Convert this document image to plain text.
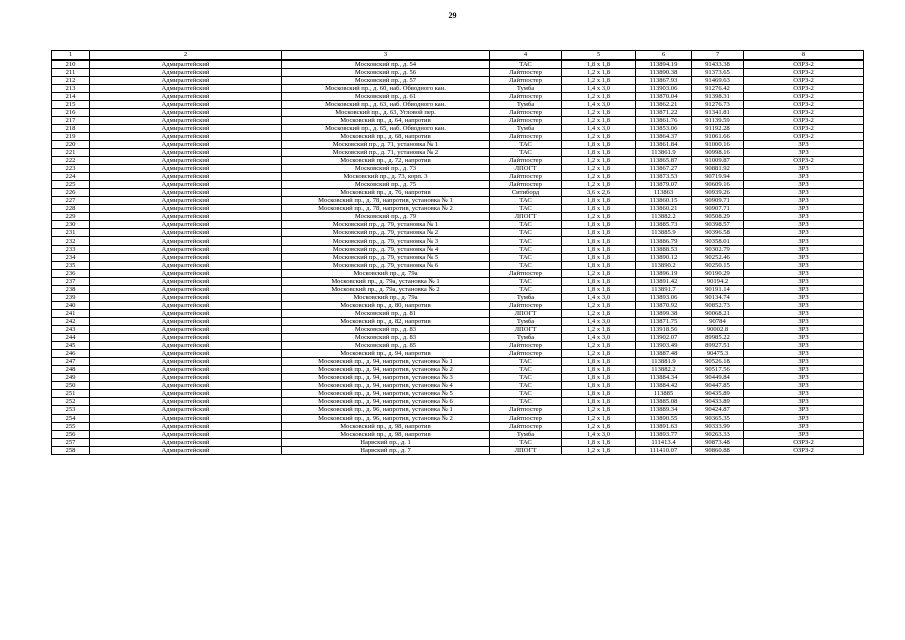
29
1	2	3	4	5	6	7	8
210	Адмиралтейский	Московский пр., д. 54	ТАС	1,8 х 1,8	113894.19	91433.38	ОЗРЗ-2
211	Адмиралтейский	Московский пр., д. 56	Лайтпостер	1,2 х 1,8	113890.38	91373.65	ОЗРЗ-2
212	Адмиралтейский	Московский пр., д. 57	Лайтпостер	1,2 х 1,8	113867.93	91469.63	ОЗРЗ-2
213	Адмиралтейский	Московский пр., д. 60, наб. Обводного кан.	Тумба	1,4 х 3,0	113903.06	91276.42	ОЗРЗ-2
214	Адмиралтейский	Московский пр., д. 61	Лайтпостер	1,2 х 1,8	113870.04	91398.31	ОЗРЗ-2
215	Адмиралтейский	Московский пр., д. 63, наб. Обводного кан.	Тумба	1,4 х 3,0	113862.21	91276.73	ОЗРЗ-2
216	Адмиралтейский	Московский пр., д. 63, Угловой пер.	Лайтпостер	1,2 х 1,8	113871.22	91341.81	ОЗРЗ-2
217	Адмиралтейский	Московский пр., д. 64, напротив	Лайтпостер	1,2 х 1,8	113861.76	91139.59	ОЗРЗ-2
218	Адмиралтейский	Московский пр., д. 65, наб. Обводного кан.	Тумба	1,4 х 3,0	113853.06	91192.28	ОЗРЗ-2
219	Адмиралтейский	Московский пр., д. 68, напротив	Лайтпостер	1,2 х 1,8	113864.37	91061.66	ОЗРЗ-2
220	Адмиралтейский	Московский пр., д. 71, установка № 1	ТАС	1,8 х 1,8	113861.84	91000.16	ЗРЗ
221	Адмиралтейский	Московский пр., д. 71, установка № 2	ТАС	1,8 х 1,8	113861.9	90998.16	ЗРЗ
222	Адмиралтейский	Московский пр., д. 72, напротив	Лайтпостер	1,2 х 1,8	113865.87	91009.87	ОЗРЗ-2
223	Адмиралтейский	Московский пр., д. 73	ЛПОГТ	1,2 х 1,8	113867.27	90881.92	ЗРЗ
224	Адмиралтейский	Московский пр., д. 73, корп. 3	Лайтпостер	1,2 х 1,8	113873.53	90719.94	ЗРЗ
225	Адмиралтейский	Московский пр., д. 75	Лайтпостер	1,2 х 1,8	113879.07	90609.16	ЗРЗ
226	Адмиралтейский	Московский пр., д. 76, напротив	Ситиборд	3,6 х 2,6	113863	90939.26	ЗРЗ
227	Адмиралтейский	Московский пр., д. 78, напротив, установка № 1	ТАС	1,8 х 1,8	113860.15	90909.71	ЗРЗ
228	Адмиралтейский	Московский пр., д. 78, напротив, установка № 2	ТАС	1,8 х 1,8	113860.21	90907.71	ЗРЗ
229	Адмиралтейский	Московский пр., д. 79	ЛПОГТ	1,2 х 1,8	113882.2	90508.29	ЗРЗ
230	Адмиралтейский	Московский пр., д. 79, установка № 1	ТАС	1,8 х 1,8	113885.73	90398.57	ЗРЗ
231	Адмиралтейский	Московский пр., д. 79, установка № 2	ТАС	1,8 х 1,8	113885.9	90396.58	ЗРЗ
232	Адмиралтейский	Московский пр., д. 79, установка № 3	ТАС	1,8 х 1,8	113886.79	90358.01	ЗРЗ
233	Адмиралтейский	Московский пр., д. 79, установка № 4	ТАС	1,8 х 1,8	113888.53	90302.79	ЗРЗ
234	Адмиралтейский	Московский пр., д. 79, установка № 5	ТАС	1,8 х 1,8	113890.12	90252.46	ЗРЗ
235	Адмиралтейский	Московский пр., д. 79, установка № 6	ТАС	1,8 х 1,8	113890.2	90250.15	ЗРЗ
236	Адмиралтейский	Московский пр., д. 79а	Лайтпостер	1,2 х 1,8	113896.19	90190.29	ЗРЗ
237	Адмиралтейский	Московский пр., д. 79а, установка № 1	ТАС	1,8 х 1,8	113891.42	90194.2	ЗРЗ
238	Адмиралтейский	Московский пр., д. 79а, установка № 2	ТАС	1,8 х 1,8	113891.7	90191.14	ЗРЗ
239	Адмиралтейский	Московский пр., д. 79а	Тумба	1,4 х 3,0	113893.06	90134.74	ЗРЗ
240	Адмиралтейский	Московский пр., д. 80, напротив	Лайтпостер	1,2 х 1,8	113870.92	90852.73	ЗРЗ
241	Адмиралтейский	Московский пр., д. 81	ЛПОГТ	1,2 х 1,8	113899.38	90068.21	ЗРЗ
242	Адмиралтейский	Московский пр., д. 82, напротив	Тумба	1,4 х 3,0	113871.75	90784	ЗРЗ
243	Адмиралтейский	Московский пр., д. 83	ЛПОГТ	1,2 х 1,8	113918.56	90002.8	ЗРЗ
244	Адмиралтейский	Московский пр., д. 83	Тумба	1,4 х 3,0	113902.07	89985.22	ЗРЗ
245	Адмиралтейский	Московский пр., д. 85	Лайтпостер	1,2 х 1,8	113903.49	89927.51	ЗРЗ
246	Адмиралтейский	Московский пр., д. 94, напротив	Лайтпостер	1,2 х 1,8	113887.48	90475.3	ЗРЗ
247	Адмиралтейский	Московский пр., д. 94, напротив, установка № 1	ТАС	1,8 х 1,8	113881.9	90526.18	ЗРЗ
248	Адмиралтейский	Московский пр., д. 94, напротив, установка № 2	ТАС	1,8 х 1,8	113882.2	90517.56	ЗРЗ
249	Адмиралтейский	Московский пр., д. 94, напротив, установка № 3	ТАС	1,8 х 1,8	113884.34	90449.84	ЗРЗ
250	Адмиралтейский	Московский пр., д. 94, напротив, установка № 4	ТАС	1,8 х 1,8	113884.42	90447.85	ЗРЗ
251	Адмиралтейский	Московский пр., д. 94, напротив, установка № 5	ТАС	1,8 х 1,8	113885	90435.89	ЗРЗ
252	Адмиралтейский	Московский пр., д. 94, напротив, установка № 6	ТАС	1,8 х 1,8	113885.08	90433.89	ЗРЗ
253	Адмиралтейский	Московский пр., д. 96, напротив, установка № 1	Лайтпостер	1,2 х 1,8	113889.34	90424.87	ЗРЗ
254	Адмиралтейский	Московский пр., д. 96, напротив, установка № 2	Лайтпостер	1,2 х 1,8	113890.55	90365.35	ЗРЗ
255	Адмиралтейский	Московский пр., д. 98, напротив	Лайтпостер	1,2 х 1,8	113891.63	90333.99	ЗРЗ
256	Адмиралтейский	Московский пр., д. 98, напротив	Тумба	1,4 х 3,0	113893.77	90263.33	ЗРЗ
257	Адмиралтейский	Нарвский пр., д. 1	ТАС	1,8 х 1,8	111413.4	90873.48	ОЗРЗ-2
258	Адмиралтейский	Нарвский пр., д. 7	ЛПОГТ	1,2 х 1,8	111410.07	90860.88	ОЗРЗ-2
